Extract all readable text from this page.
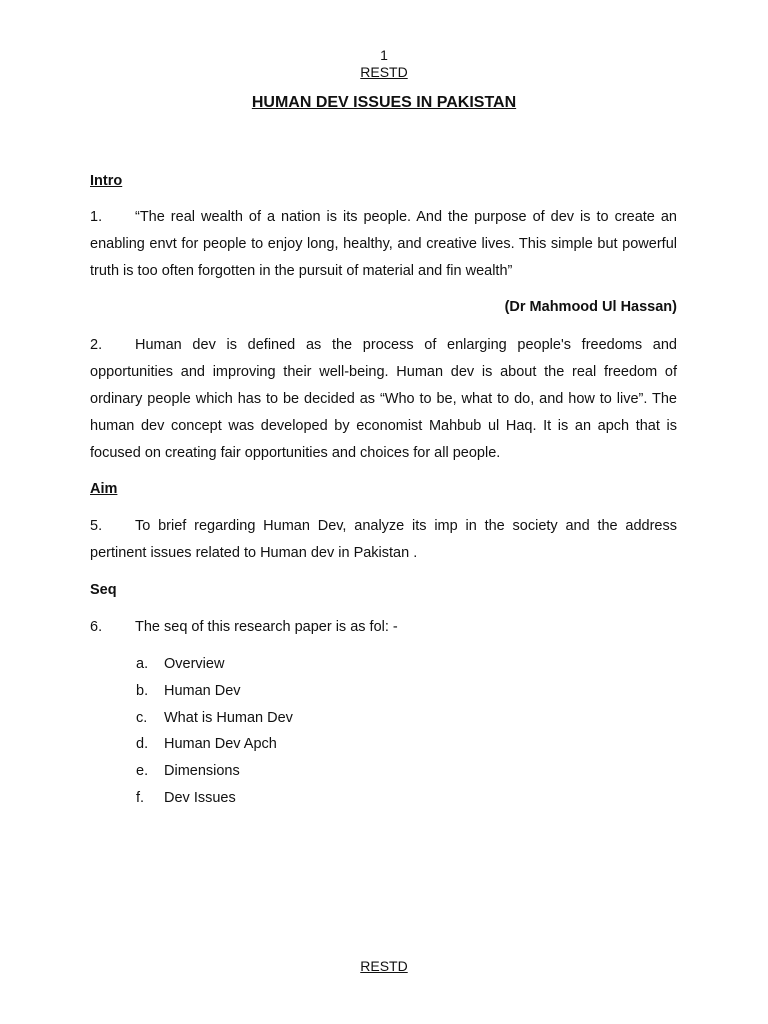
1
RESTD
HUMAN DEV ISSUES IN PAKISTAN
Intro

1. “The real wealth of a nation is its people. And the purpose of dev is to create an enabling envt for people to enjoy long, healthy, and creative lives. This simple but powerful truth is too often forgotten in the pursuit of material and fin wealth”

(Dr Mahmood Ul Hassan)

2. Human dev is defined as the process of enlarging people's freedoms and opportunities and improving their well-being. Human dev is about the real freedom of ordinary people which has to be decided as “Who to be, what to do, and how to live”. The human dev concept was developed by economist Mahbub ul Haq. It is an apch that is focused on creating fair opportunities and choices for all people.

Aim

5. To brief regarding Human Dev, analyze its imp in the society and the address pertinent issues related to Human dev in Pakistan .

Seq

6. The seq of this research paper is as fol: -

a. Overview
b. Human Dev
c. What is Human Dev
d. Human Dev Apch
e. Dimensions
f. Dev Issues
RESTD
